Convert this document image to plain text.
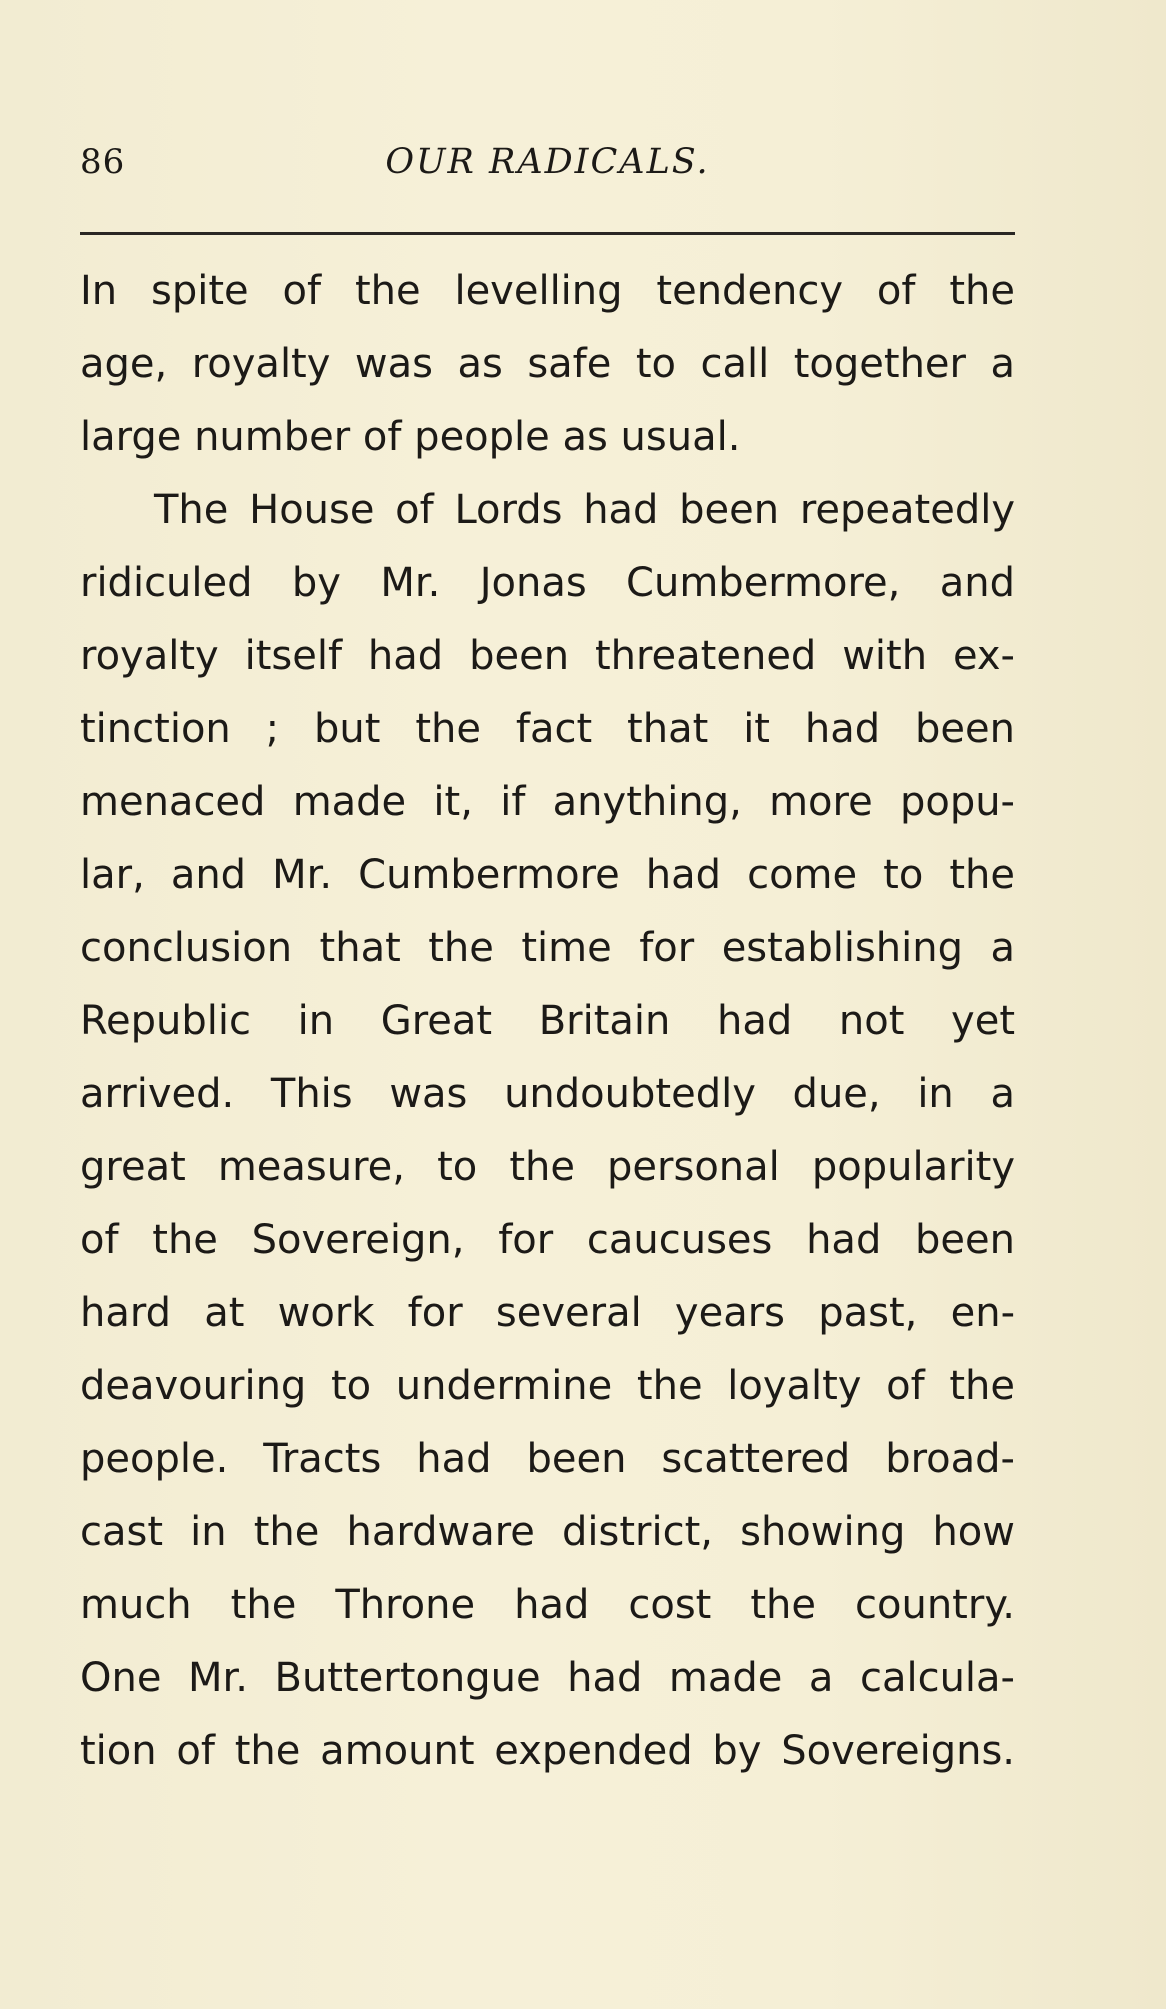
86	OUR RADICALS.
In spite of the levelling tendency of the
age, royalty was as safe to call together a
large number of people as usual.
The House of Lords had been repeatedly
ridiculed by Mr. Jonas Cumbermore, and
royalty itself had been threatened with ex-
tinction ; but the fact that it had been
menaced made it, if anything, more popu-
lar, and Mr. Cumbermore had come to the
conclusion that the time for establishing a
Republic in Great Britain had not yet
arrived. This was undoubtedly due, in a
great measure, to the personal popularity
of the Sovereign, for caucuses had been
hard at work for several years past, en-
deavouring to undermine the loyalty of the
people. Tracts had been scattered broad-
cast in the hardware district, showing how
much the Throne had cost the country.
One Mr. Buttertongue had made a calcula-
tion of the amount expended by Sovereigns.
